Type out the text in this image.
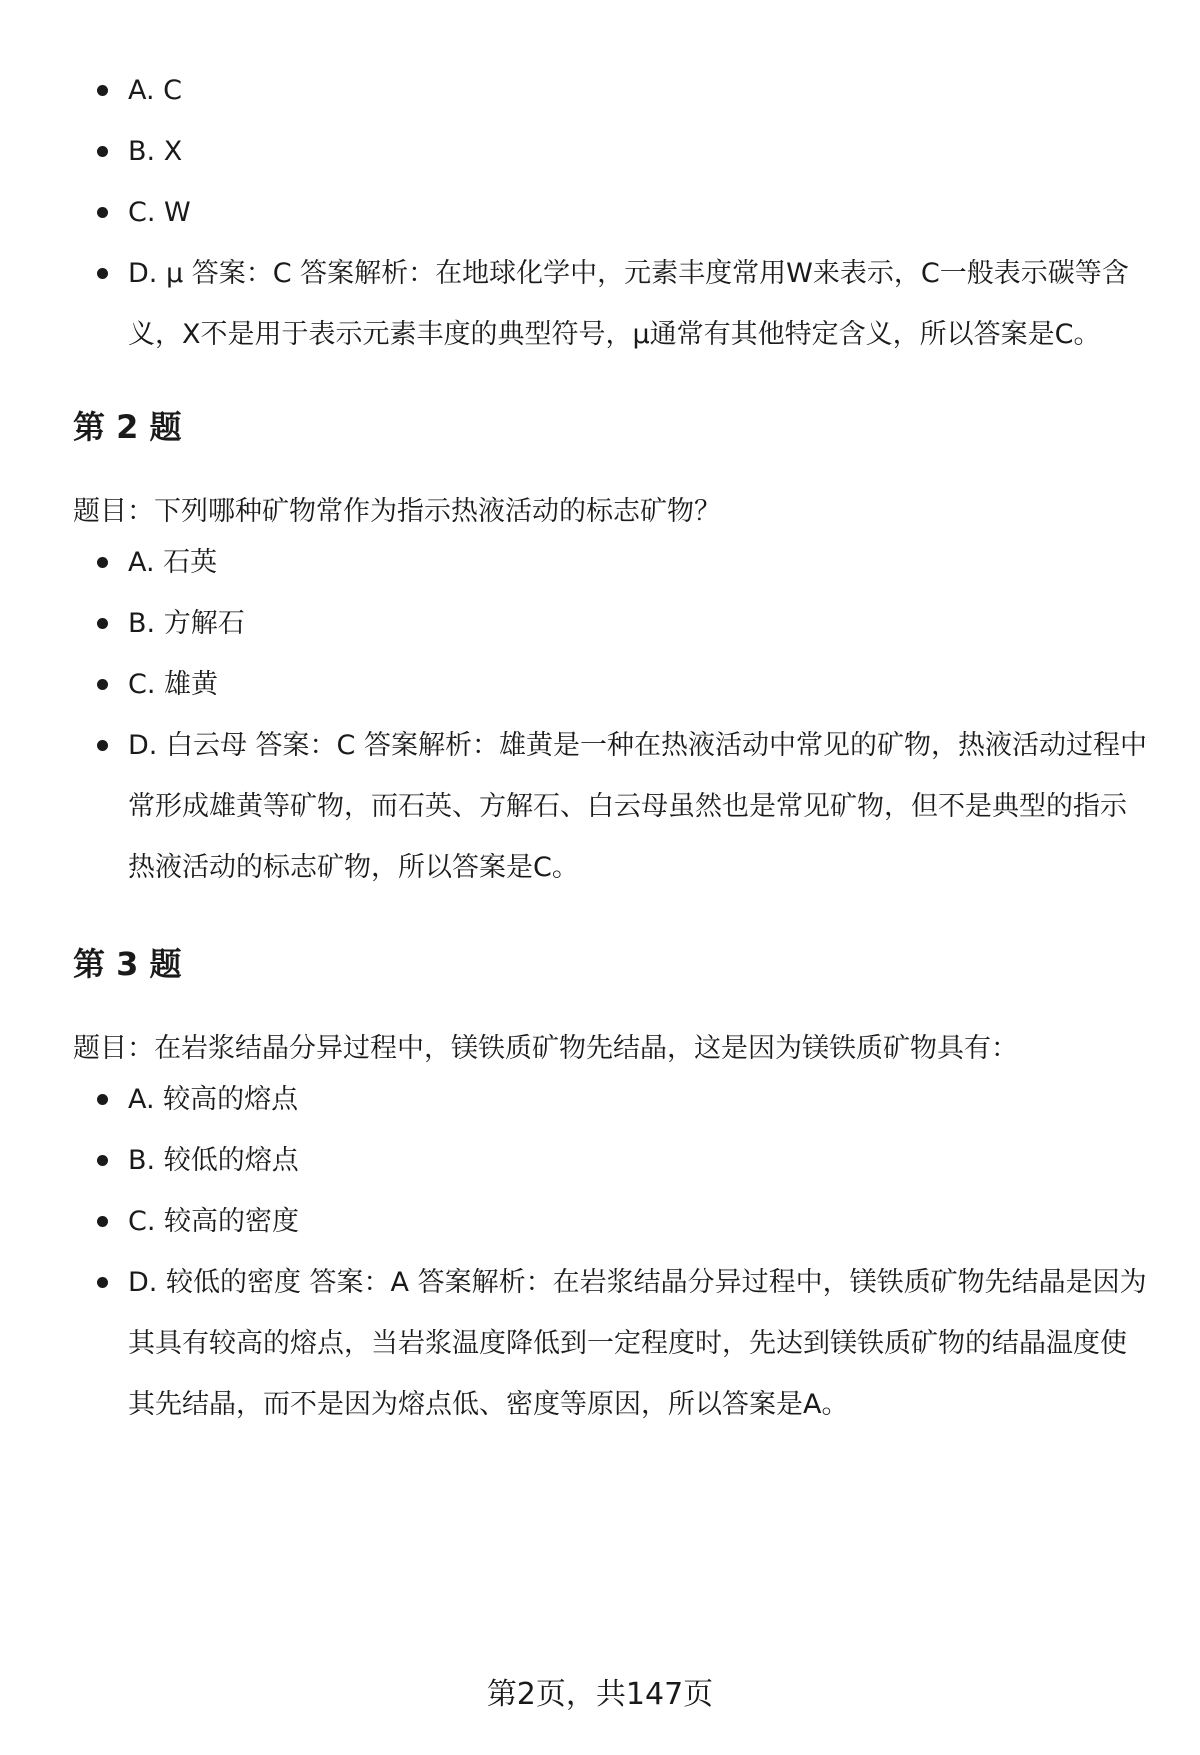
A. C
B. X
C. W
D. μ 答案：C 答案解析：在地球化学中，元素丰度常用W来表示，C一般表示碳等含义，X不是用于表示元素丰度的典型符号，μ通常有其他特定含义，所以答案是C。
第 2 题

题目：下列哪种矿物常作为指示热液活动的标志矿物？

A. 石英
B. 方解石
C. 雄黄
D. 白云母 答案：C 答案解析：雄黄是一种在热液活动中常见的矿物，热液活动过程中常形成雄黄等矿物，而石英、方解石、白云母虽然也是常见矿物，但不是典型的指示热液活动的标志矿物，所以答案是C。
第 3 题

题目：在岩浆结晶分异过程中，镁铁质矿物先结晶，这是因为镁铁质矿物具有：

A. 较高的熔点
B. 较低的熔点
C. 较高的密度
D. 较低的密度 答案：A 答案解析：在岩浆结晶分异过程中，镁铁质矿物先结晶是因为其具有较高的熔点，当岩浆温度降低到一定程度时，先达到镁铁质矿物的结晶温度使其先结晶，而不是因为熔点低、密度等原因，所以答案是A。
第2页，共147页
